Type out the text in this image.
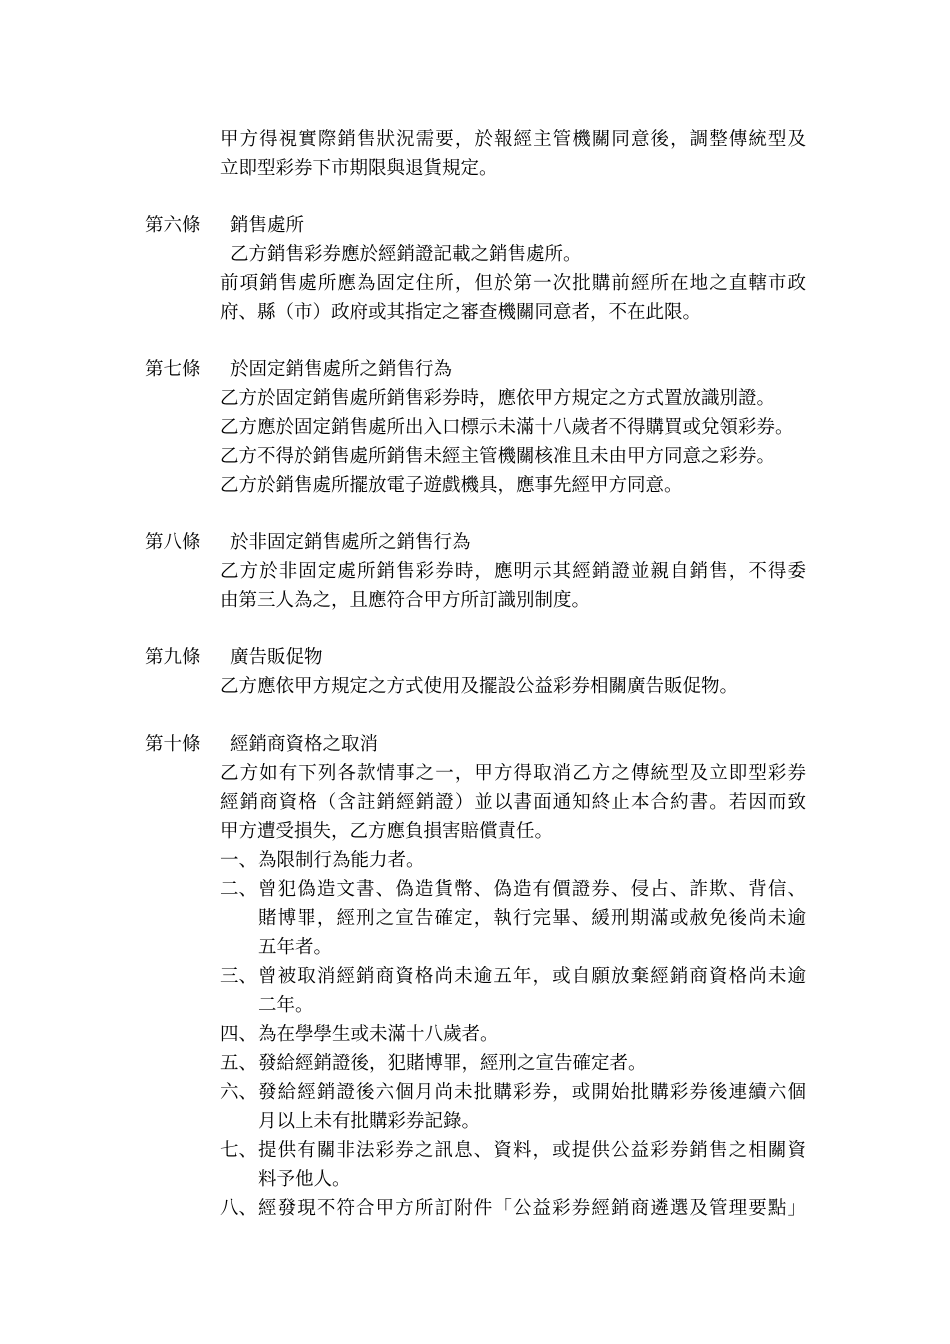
甲方得視實際銷售狀況需要，於報經主管機關同意後，調整傳統型及
立即型彩券下市期限與退貨規定。
第六條 銷售處所
乙方銷售彩券應於經銷證記載之銷售處所。
前項銷售處所應為固定住所，但於第一次批購前經所在地之直轄市政
府、縣（市）政府或其指定之審查機關同意者，不在此限。
第七條 於固定銷售處所之銷售行為
乙方於固定銷售處所銷售彩券時，應依甲方規定之方式置放識別證。
乙方應於固定銷售處所出入口標示未滿十八歲者不得購買或兌領彩券。
乙方不得於銷售處所銷售未經主管機關核准且未由甲方同意之彩券。
乙方於銷售處所擺放電子遊戲機具，應事先經甲方同意。
第八條 於非固定銷售處所之銷售行為
乙方於非固定處所銷售彩券時，應明示其經銷證並親自銷售，不得委
由第三人為之，且應符合甲方所訂識別制度。
第九條 廣告販促物
乙方應依甲方規定之方式使用及擺設公益彩券相關廣告販促物。
第十條 經銷商資格之取消
乙方如有下列各款情事之一，甲方得取消乙方之傳統型及立即型彩券
經銷商資格（含註銷經銷證）並以書面通知終止本合約書。若因而致
甲方遭受損失，乙方應負損害賠償責任。
一、 為限制行為能力者。
二、 曾犯偽造文書、偽造貨幣、偽造有價證券、侵占、詐欺、背信、
賭博罪，經刑之宣告確定，執行完畢、緩刑期滿或赦免後尚未逾
五年者。
三、 曾被取消經銷商資格尚未逾五年，或自願放棄經銷商資格尚未逾
二年。
四、 為在學學生或未滿十八歲者。
五、 發給經銷證後，犯賭博罪，經刑之宣告確定者。
六、 發給經銷證後六個月尚未批購彩券，或開始批購彩券後連續六個
月以上未有批購彩券記錄。
七、 提供有關非法彩券之訊息、資料，或提供公益彩券銷售之相關資
料予他人。
八、 經發現不符合甲方所訂附件「公益彩券經銷商遴選及管理要點」
